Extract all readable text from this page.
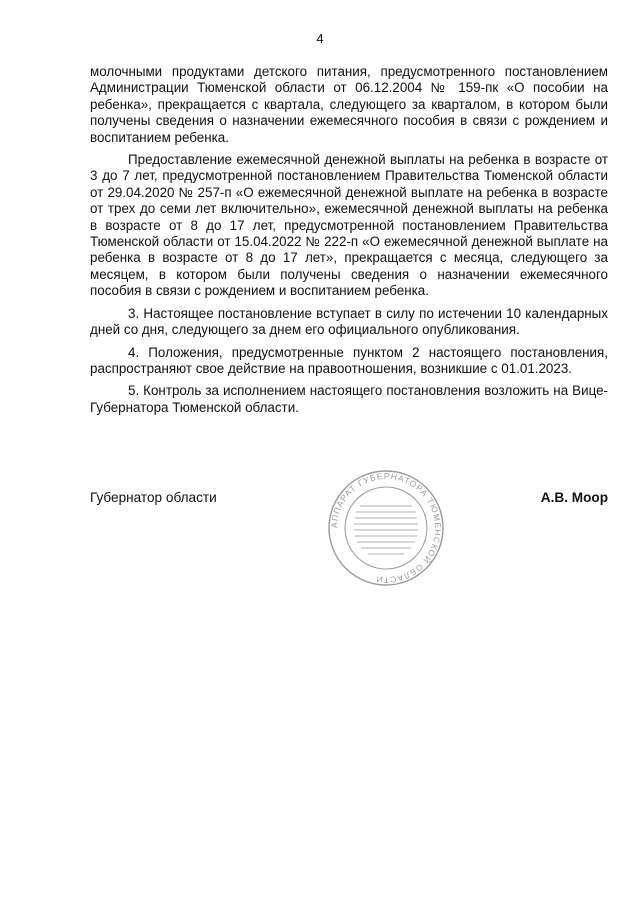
4

молочными продуктами детского питания, предусмотренного постановлением Администрации Тюменской области от 06.12.2004 № 159-пк «О пособии на ребенка», прекращается с квартала, следующего за кварталом, в котором были получены сведения о назначении ежемесячного пособия в связи с рождением и воспитанием ребенка.

Предоставление ежемесячной денежной выплаты на ребенка в возрасте от 3 до 7 лет, предусмотренной постановлением Правительства Тюменской области от 29.04.2020 № 257-п «О ежемесячной денежной выплате на ребенка в возрасте от трех до семи лет включительно», ежемесячной денежной выплаты на ребенка в возрасте от 8 до 17 лет, предусмотренной постановлением Правительства Тюменской области от 15.04.2022 № 222-п «О ежемесячной денежной выплате на ребенка в возрасте от 8 до 17 лет», прекращается с месяца, следующего за месяцем, в котором были получены сведения о назначении ежемесячного пособия в связи с рождением и воспитанием ребенка.

3. Настоящее постановление вступает в силу по истечении 10 календарных дней со дня, следующего за днем его официального опубликования.

4. Положения, предусмотренные пунктом 2 настоящего постановления, распространяют свое действие на правоотношения, возникшие с 01.01.2023.

5. Контроль за исполнением настоящего постановления возложить на Вице-Губернатора Тюменской области.

Губернатор области
АППАРАТ ГУБЕРНАТОРА ТЮМЕНСКОЙ ОБЛАСТИ
А.В. Моор
